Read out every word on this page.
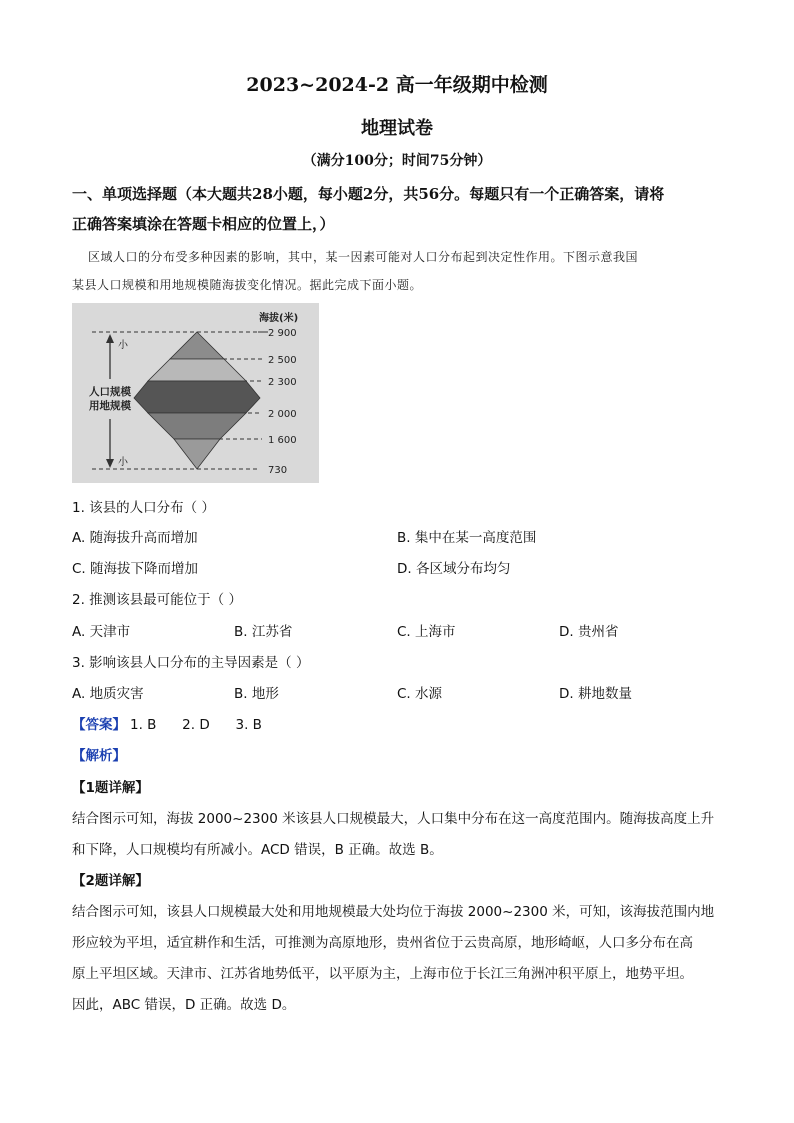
2023~2024-2 高一年级期中检测
地理试卷
（满分100分；时间75分钟）
一、单项选择题（本大题共28小题，每小题2分，共56分。每题只有一个正确答案，请将
正确答案填涂在答题卡相应的位置上，）
区域人口的分布受多种因素的影响，其中，某一因素可能对人口分布起到决定性作用。下图示意我国
某县人口规模和用地规模随海拔变化情况。据此完成下面小题。
海拔(米)
小
小
人口规模
用地规模
2 900
2 500
2 300
2 000
1 600
730
1. 该县的人口分布（ ）
A. 随海拔升高而增加	B. 集中在某一高度范围
C. 随海拔下降而增加	D. 各区域分布均匀
2. 推测该县最可能位于（ ）
A. 天津市	B. 江苏省	C. 上海市	D. 贵州省
3. 影响该县人口分布的主导因素是（ ）
A. 地质灾害	B. 地形	C. 水源	D. 耕地数量
【答案】 1. B      2. D      3. B
【解析】
【1题详解】
结合图示可知，海拔 2000~2300 米该县人口规模最大，人口集中分布在这一高度范围内。随海拔高度上升
和下降，人口规模均有所减小。ACD 错误，B 正确。故选 B。
【2题详解】
结合图示可知，该县人口规模最大处和用地规模最大处均位于海拔 2000~2300 米，可知，该海拔范围内地
形应较为平坦，适宜耕作和生活，可推测为高原地形，贵州省位于云贵高原，地形崎岖，人口多分布在高
原上平坦区域。天津市、江苏省地势低平，以平原为主，上海市位于长江三角洲冲积平原上，地势平坦。
因此，ABC 错误，D 正确。故选 D。
